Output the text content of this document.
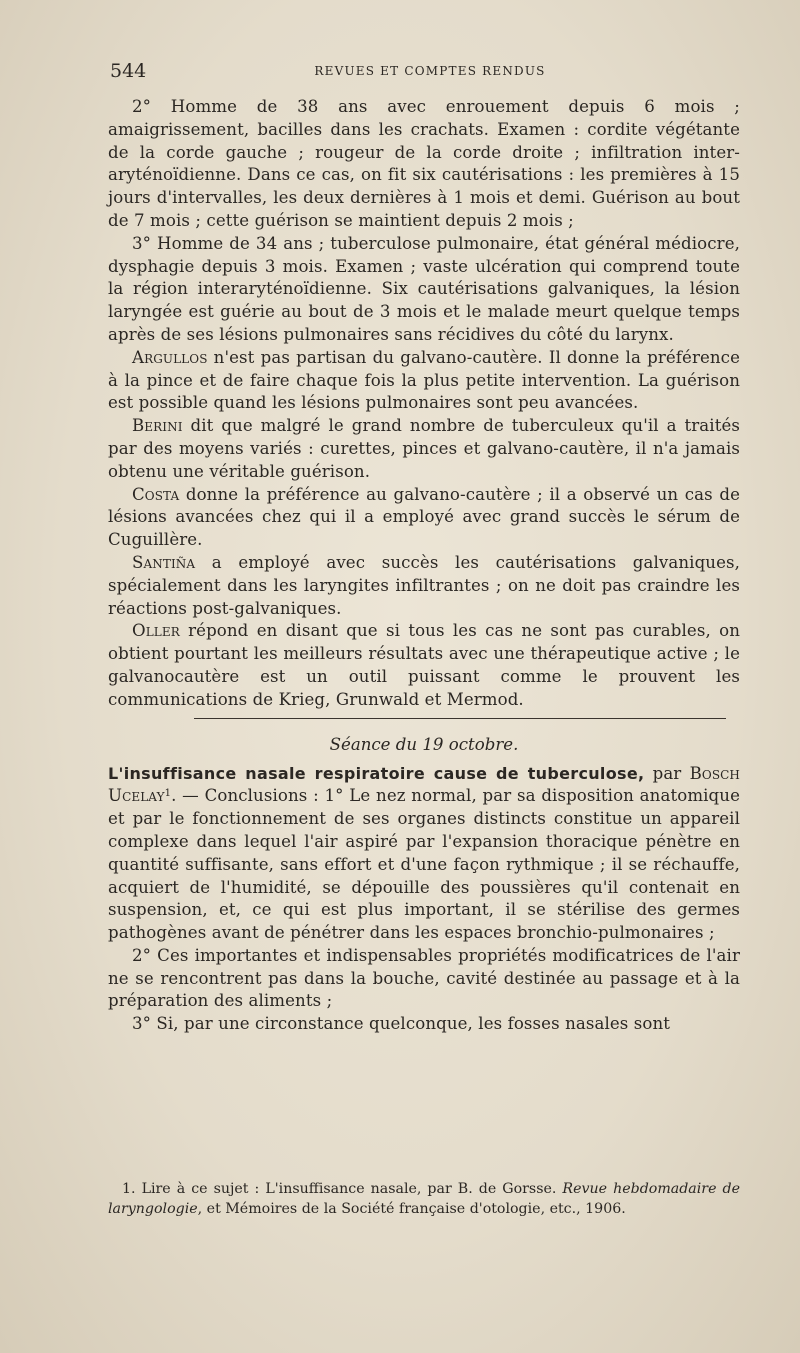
544	REVUES ET COMPTES RENDUS

2° Homme de 38 ans avec enrouement depuis 6 mois ; amaigrissement, bacilles dans les crachats. Examen : cordite végétante de la corde gauche ; rougeur de la corde droite ; infiltration inter-aryténoïdienne. Dans ce cas, on fit six cautérisations : les premières à 15 jours d'intervalles, les deux dernières à 1 mois et demi. Guérison au bout de 7 mois ; cette guérison se maintient depuis 2 mois ;

3° Homme de 34 ans ; tuberculose pulmonaire, état général médiocre, dysphagie depuis 3 mois. Examen ; vaste ulcération qui comprend toute la région interaryténoïdienne. Six cautérisations galvaniques, la lésion laryngée est guérie au bout de 3 mois et le malade meurt quelque temps après de ses lésions pulmonaires sans récidives du côté du larynx.

Argullos n'est pas partisan du galvano-cautère. Il donne la préférence à la pince et de faire chaque fois la plus petite intervention. La guérison est possible quand les lésions pulmonaires sont peu avancées.

Berini dit que malgré le grand nombre de tuberculeux qu'il a traités par des moyens variés : curettes, pinces et galvano-cautère, il n'a jamais obtenu une véritable guérison.

Costa donne la préférence au galvano-cautère ; il a observé un cas de lésions avancées chez qui il a employé avec grand succès le sérum de Cuguillère.

Santiña a employé avec succès les cautérisations galvaniques, spécialement dans les laryngites infiltrantes ; on ne doit pas craindre les réactions post-galvaniques.

Oller répond en disant que si tous les cas ne sont pas curables, on obtient pourtant les meilleurs résultats avec une thérapeutique active ; le galvanocautère est un outil puissant comme le prouvent les communications de Krieg, Grunwald et Mermod.

Séance du 19 octobre.

L'insuffisance nasale respiratoire cause de tuberculose, par Bosch Ucelay$^1$. — Conclusions : 1° Le nez normal, par sa disposition anatomique et par le fonctionnement de ses organes distincts constitue un appareil complexe dans lequel l'air aspiré par l'expansion thoracique pénètre en quantité suffisante, sans effort et d'une façon rythmique ; il se réchauffe, acquiert de l'humidité, se dépouille des poussières qu'il contenait en suspension, et, ce qui est plus important, il se stérilise des germes pathogènes avant de pénétrer dans les espaces bronchio-pulmonaires ;

2° Ces importantes et indispensables propriétés modificatrices de l'air ne se rencontrent pas dans la bouche, cavité destinée au passage et à la préparation des aliments ;

3° Si, par une circonstance quelconque, les fosses nasales sont

1. Lire à ce sujet : L'insuffisance nasale, par B. de Gorsse. Revue hebdomadaire de laryngologie, et Mémoires de la Société française d'otologie, etc., 1906.
